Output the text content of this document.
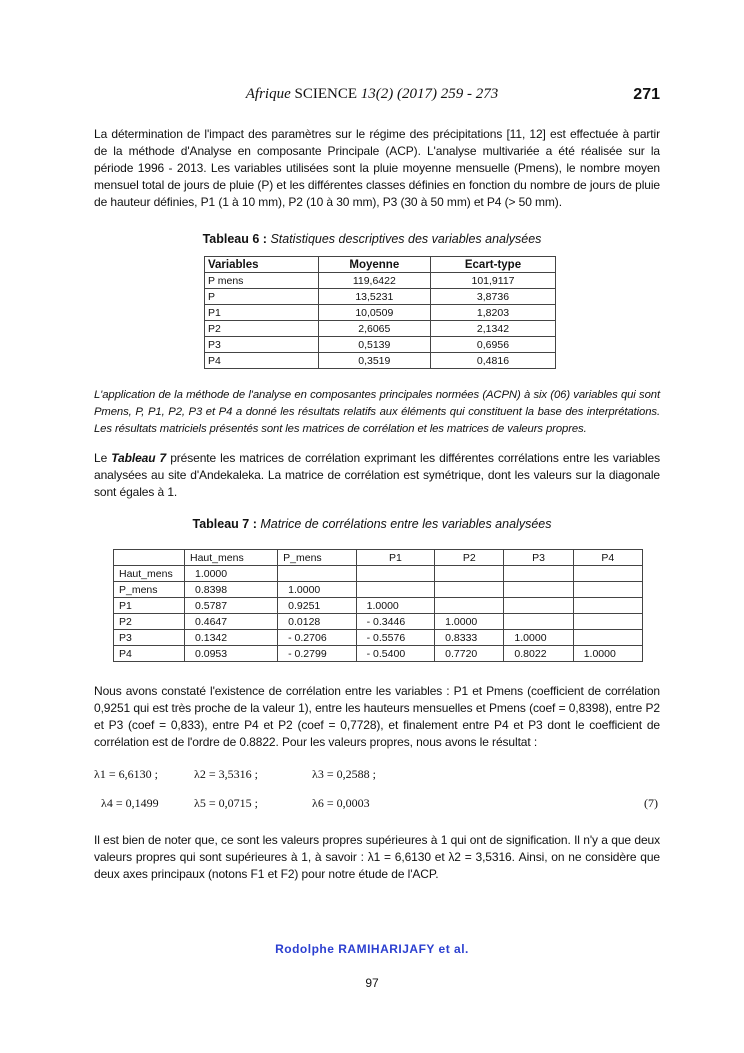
Afrique SCIENCE 13(2) (2017) 259 - 273	271
La détermination de l'impact des paramètres sur le régime des précipitations [11, 12] est effectuée à partir de la méthode d'Analyse en composante Principale (ACP). L'analyse multivariée a été réalisée sur la période 1996 - 2013. Les variables utilisées sont la pluie moyenne mensuelle (Pmens), le nombre moyen mensuel total de jours de pluie (P) et les différentes classes définies en fonction du nombre de jours de pluie de hauteur définies, P1 (1 à 10 mm), P2 (10 à 30 mm), P3 (30 à 50 mm) et P4 (> 50 mm).
Tableau 6 : Statistiques descriptives des variables analysées
Variables	Moyenne	Ecart-type
P mens	119,6422	101,9117
P	13,5231	3,8736
P1	10,0509	1,8203
P2	2,6065	2,1342
P3	0,5139	0,6956
P4	0,3519	0,4816
L'application de la méthode de l'analyse en composantes principales normées (ACPN) à six (06) variables qui sont Pmens, P, P1, P2, P3 et P4 a donné les résultats relatifs aux éléments qui constituent la base des interprétations. Les résultats matriciels présentés sont les matrices de corrélation et les matrices de valeurs propres.
Le Tableau 7 présente les matrices de corrélation exprimant les différentes corrélations entre les variables analysées au site d'Andekaleka. La matrice de corrélation est symétrique, dont les valeurs sur la diagonale sont égales à 1.
Tableau 7 : Matrice de corrélations entre les variables analysées
	Haut_mens	P_mens	P1	P2	P3	P4
Haut_mens	1.0000					
P_mens	0.8398	1.0000				
P1	0.5787	0.9251	1.0000			
P2	0.4647	0.0128	- 0.3446	1.0000		
P3	0.1342	- 0.2706	- 0.5576	0.8333	1.0000	
P4	0.0953	- 0.2799	- 0.5400	0.7720	0.8022	1.0000
Nous avons constaté l'existence de corrélation entre les variables : P1 et Pmens (coefficient de corrélation 0,9251 qui est très proche de la valeur 1), entre les hauteurs mensuelles et Pmens (coef = 0,8398), entre P2 et P3 (coef = 0,833), entre P4 et P2 (coef = 0,7728), et finalement entre P4 et P3 dont le coefficient de corrélation est de l'ordre de 0.8822. Pour les valeurs propres, nous avons le résultat :
λ1 = 6,6130 ;	λ2 = 3,5316 ;	λ3 = 0,2588 ;
λ4 = 0,1499	λ5 = 0,0715 ;	λ6 = 0,0003	(7)
Il est bien de noter que, ce sont les valeurs propres supérieures à 1 qui ont de signification. Il n'y a que deux valeurs propres qui sont supérieures à 1, à savoir : λ1 = 6,6130 et λ2 = 3,5316. Ainsi, on ne considère que deux axes principaux (notons F1 et F2) pour notre étude de l'ACP.
Rodolphe RAMIHARIJAFY et al.
97
